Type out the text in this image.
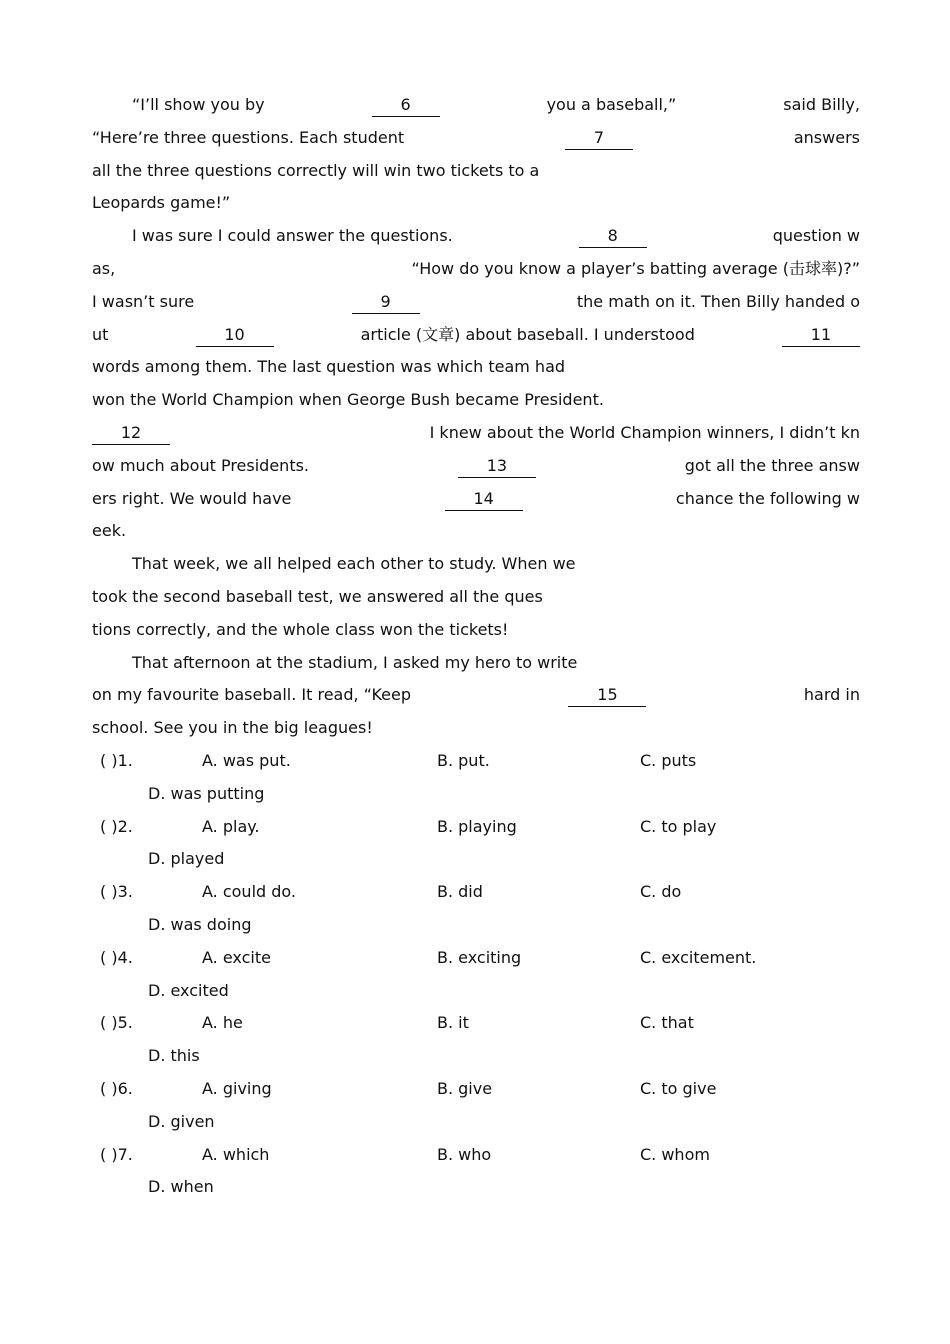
“I’ll show you by	6	you a baseball,”	said Billy,
“Here’re three questions. Each student	7	answers
all the three questions correctly will win two tickets to a
Leopards game!”
I was sure I could answer the questions.	8	question w
as,	“How do you know a player’s batting average (击球率)?”
I wasn’t sure	9	the math on it. Then Billy handed o
ut	10	article (文章) about baseball. I understood	11
words among them. The last question was which team had
won the World Champion when George Bush became President.
12	I knew about the World Champion winners, I didn’t kn
ow much about Presidents.	13	got all the three answ
ers right. We would have	14	chance the following w
eek.
That week, we all helped each other to study. When we
took the second baseball test, we answered all the ques
tions correctly, and the whole class won the tickets!
That afternoon at the stadium, I asked my hero to write
on my favourite baseball. It read, “Keep	15	hard in
school. See you in the big leagues!
( )1.	A. was put.	B. put.	C. puts
D. was putting
( )2.	A. play.	B. playing	C. to play
D. played
( )3.	A. could do.	B. did	C. do
D. was doing
( )4.	A. excite	B. exciting	C. excitement.
D. excited
( )5.	A. he	B. it	C. that
D. this
( )6.	A. giving	B. give	C. to give
D. given
( )7.	A. which	B. who	C. whom
D. when
